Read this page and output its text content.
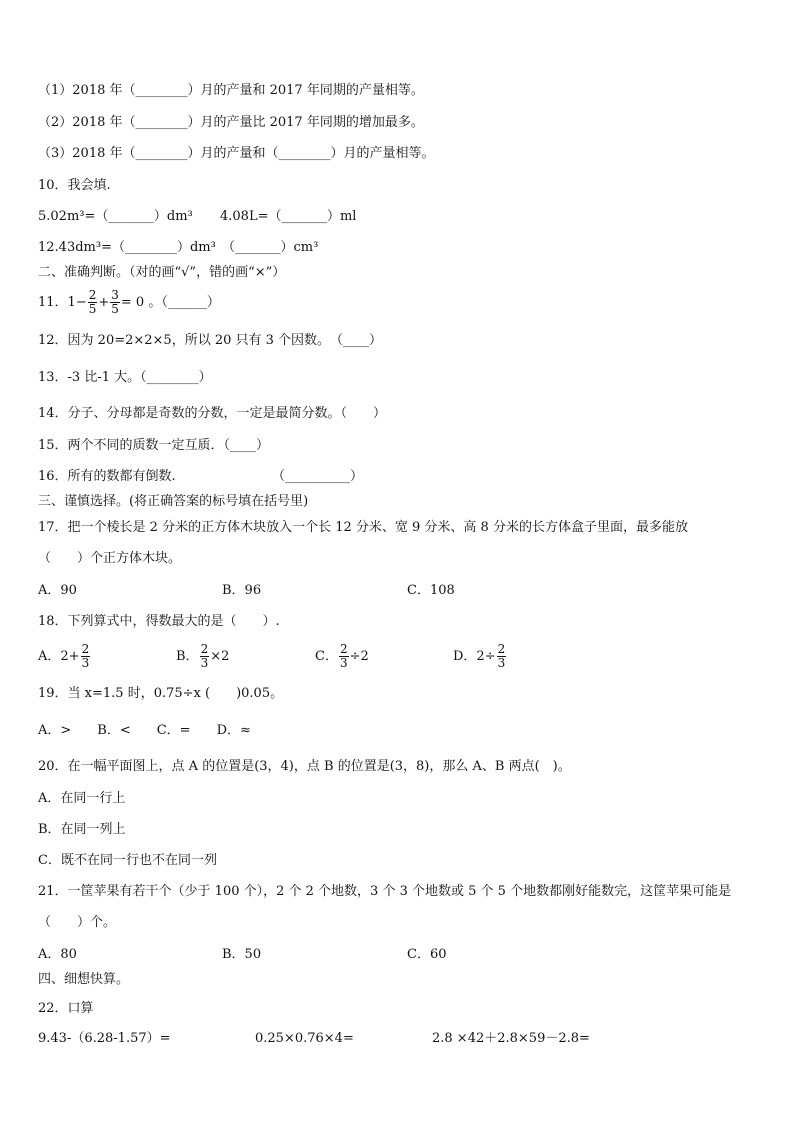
（1）2018 年（________）月的产量和 2017 年同期的产量相等。
（2）2018 年（________）月的产量比 2017 年同期的增加最多。
（3）2018 年（________）月的产量和（________）月的产量相等。
10．我会填.
5.02m³=（_______）dm³ 4.08L=（_______）ml
12.43dm³=（________）dm³ （_______）cm³
二、准确判断。（对的画“√”，错的画“×”）
11．$1- \frac{2}{5} + \frac{3}{5} = 0$ 。（______）
12．因为 20=2×2×5，所以 20 只有 3 个因数。　（____）
13．-3 比-1 大。（________）
14．分子、分母都是奇数的分数，一定是最简分数。（　　）
15．两个不同的质数一定互质．（____）
16．所有的数都有倒数.	（__________）
三、谨慎选择。(将正确答案的标号填在括号里)
17．把一个棱长是 2 分米的正方体木块放入一个长 12 分米、宽 9 分米、高 8 分米的长方体盒子里面，最多能放
（　　）个正方体木块。
A．90	B．96	C．108
18．下列算式中，得数最大的是（　　）.
A．$2+ \frac{2}{3}$	B． $\frac{2}{3} \times 2$	C． $\frac{2}{3} \div 2$	D．$2\div \frac{2}{3}$
19．当 x=1.5 时，0.75÷x (　　)0.05。
A．>　　B．<　　C．=　　D．≈
20．在一幅平面图上，点 A 的位置是(3，4)，点 B 的位置是(3，8)，那么 A、B 两点(　)。
A．在同一行上
B．在同一列上
C．既不在同一行也不在同一列
21．一筐苹果有若干个（少于 100 个），2 个 2 个地数，3 个 3 个地数或 5 个 5 个地数都刚好能数完，这筐苹果可能是
（　　）个。
A．80	B．50	C．60
四、细想快算。
22．口算
9.43-（6.28-1.57）=	0.25×0.76×4=	2.8 ×42＋2.8×59－2.8=
